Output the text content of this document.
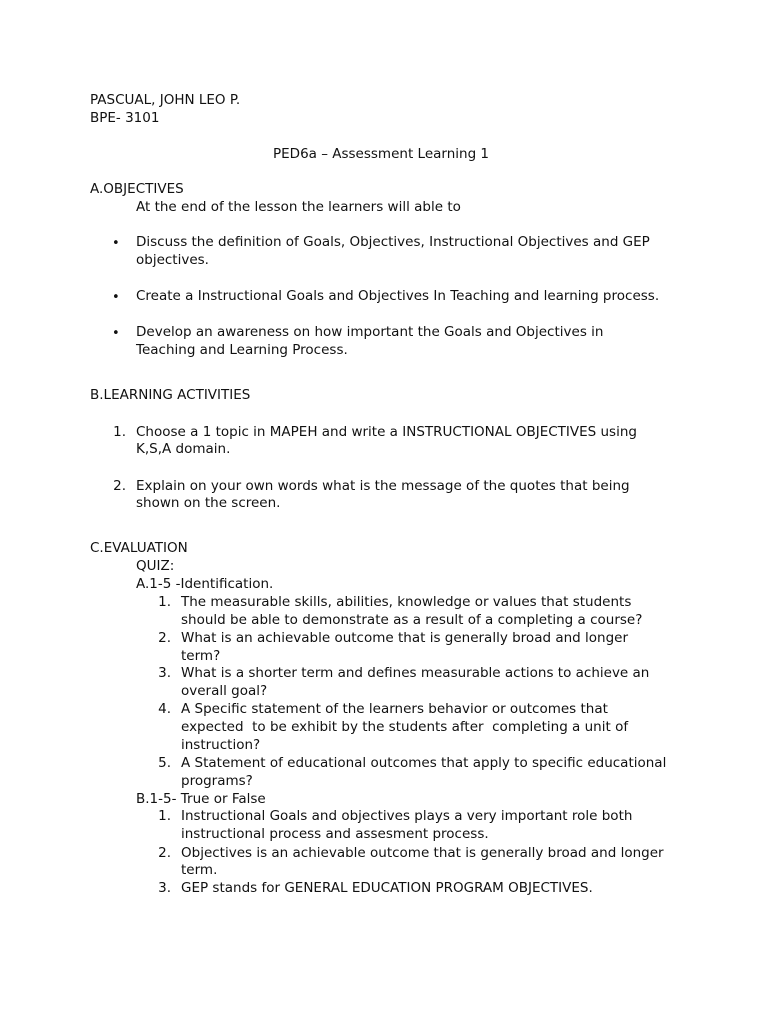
PASCUAL, JOHN LEO P.
BPE- 3101
PED6a – Assessment Learning 1
A.OBJECTIVES
At the end of the lesson the learners will able to
• Discuss the definition of Goals, Objectives, Instructional Objectives and GEP
objectives.
• Create a Instructional Goals and Objectives In Teaching and learning process.
• Develop an awareness on how important the Goals and Objectives in
Teaching and Learning Process.
B.LEARNING ACTIVITIES
1. Choose a 1 topic in MAPEH and write a INSTRUCTIONAL OBJECTIVES using
K,S,A domain.
2. Explain on your own words what is the message of the quotes that being
shown on the screen.
C.EVALUATION
QUIZ:
A.1-5 -Identification.
1. The measurable skills, abilities, knowledge or values that students
should be able to demonstrate as a result of a completing a course?
2. What is an achievable outcome that is generally broad and longer
term?
3. What is a shorter term and defines measurable actions to achieve an
overall goal?
4. A Specific statement of the learners behavior or outcomes that
expected  to be exhibit by the students after  completing a unit of
instruction?
5. A Statement of educational outcomes that apply to specific educational
programs?
B.1-5- True or False
1. Instructional Goals and objectives plays a very important role both
instructional process and assesment process.
2. Objectives is an achievable outcome that is generally broad and longer
term.
3. GEP stands for GENERAL EDUCATION PROGRAM OBJECTIVES.
